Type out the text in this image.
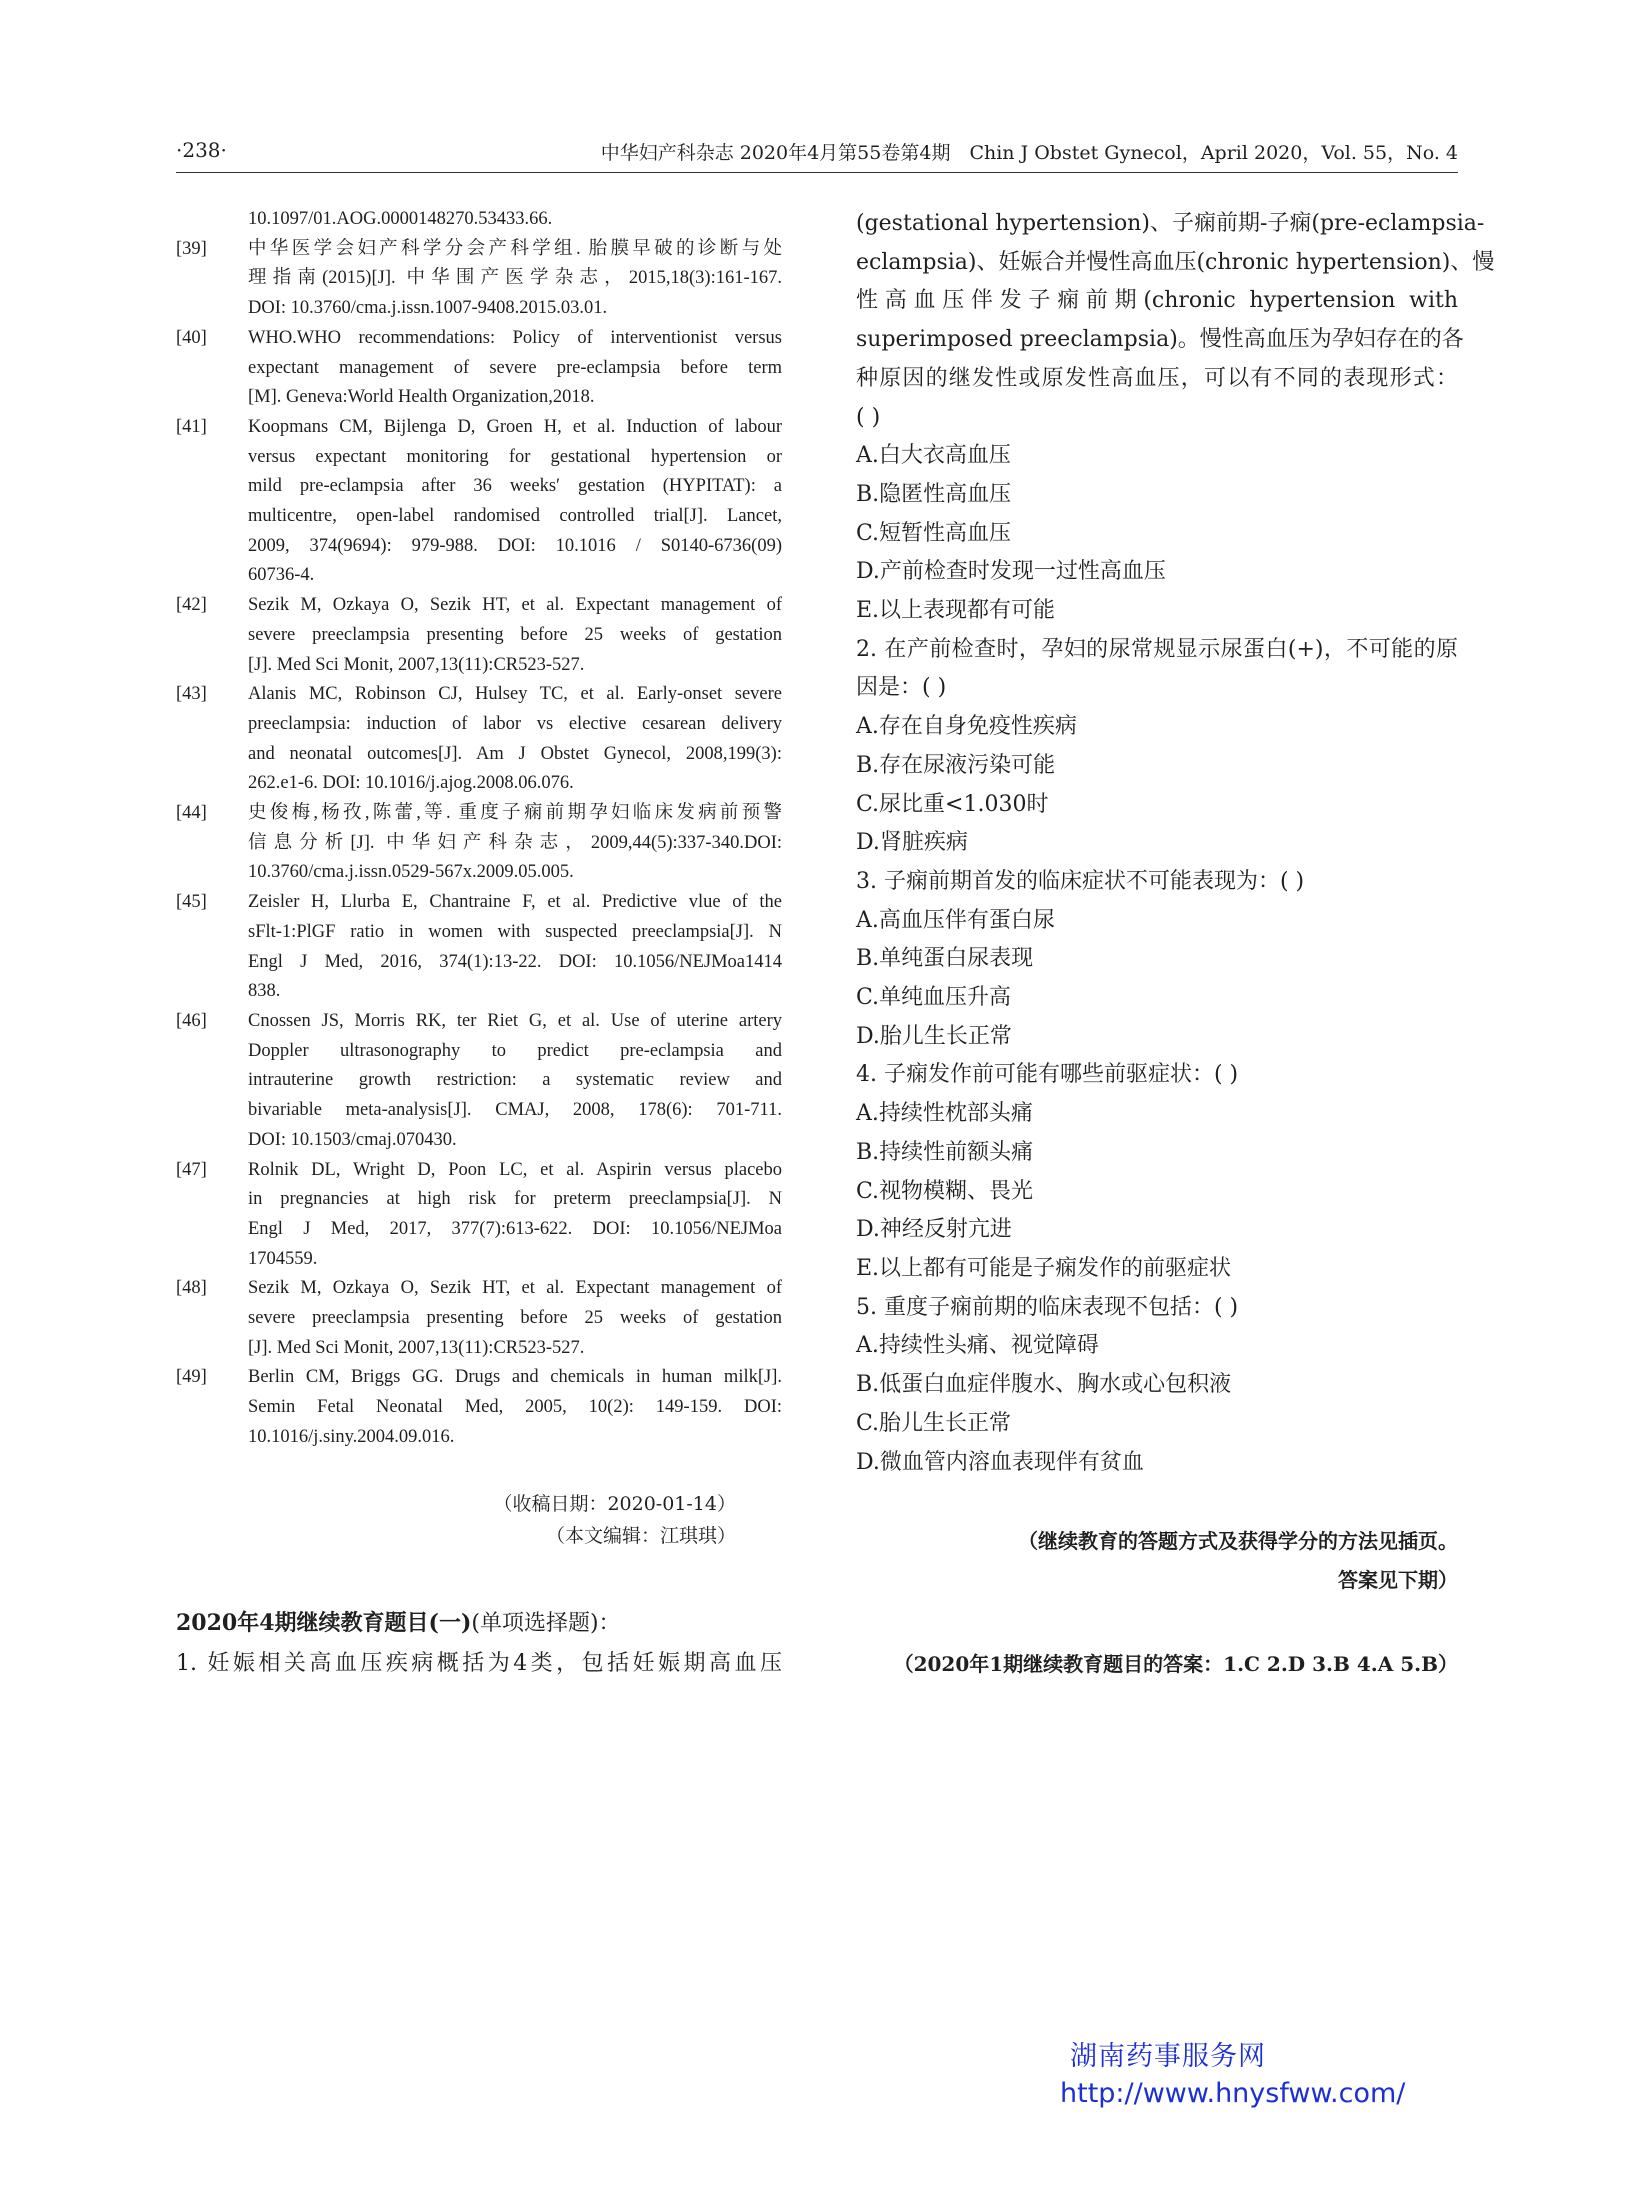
·238·	中华妇产科杂志 2020年4月第55卷第4期　Chin J Obstet Gynecol，April 2020，Vol. 55，No. 4
10.1097/01.AOG.0000148270.53433.66.
[39]	中华医学会妇产科学分会产科学组. 胎膜早破的诊断与处
理指南(2015)[J]. 中华围产医学杂志，2015,18(3):161-167.
DOI: 10.3760/cma.j.issn.1007-9408.2015.03.01.
[40]	WHO.WHO recommendations: Policy of interventionist versus
expectant management of severe pre-eclampsia before term
[M]. Geneva:World Health Organization,2018.
[41]	Koopmans CM, Bijlenga D, Groen H, et al. Induction of labour
versus expectant monitoring for gestational hypertension or
mild pre-eclampsia after 36 weeks′ gestation (HYPITAT): a
multicentre, open-label randomised controlled trial[J]. Lancet,
2009, 374(9694): 979-988. DOI: 10.1016 / S0140-6736(09)
60736-4.
[42]	Sezik M, Ozkaya O, Sezik HT, et al. Expectant management of
severe preeclampsia presenting before 25 weeks of gestation
[J]. Med Sci Monit, 2007,13(11):CR523-527.
[43]	Alanis MC, Robinson CJ, Hulsey TC, et al. Early-onset severe
preeclampsia: induction of labor vs elective cesarean delivery
and neonatal outcomes[J]. Am J Obstet Gynecol, 2008,199(3):
262.e1-6. DOI: 10.1016/j.ajog.2008.06.076.
[44]	史俊梅,杨孜,陈蕾,等. 重度子痫前期孕妇临床发病前预警
信息分析[J]. 中华妇产科杂志，2009,44(5):337-340.DOI:
10.3760/cma.j.issn.0529-567x.2009.05.005.
[45]	Zeisler H, Llurba E, Chantraine F, et al. Predictive vlue of the
sFlt-1:PlGF ratio in women with suspected preeclampsia[J]. N
Engl J Med, 2016, 374(1):13-22. DOI: 10.1056/NEJMoa1414
838.
[46]	Cnossen JS, Morris RK, ter Riet G, et al. Use of uterine artery
Doppler ultrasonography to predict pre-eclampsia and
intrauterine growth restriction: a systematic review and
bivariable meta-analysis[J]. CMAJ, 2008, 178(6): 701-711.
DOI: 10.1503/cmaj.070430.
[47]	Rolnik DL, Wright D, Poon LC, et al. Aspirin versus placebo
in pregnancies at high risk for preterm preeclampsia[J]. N
Engl J Med, 2017, 377(7):613-622. DOI: 10.1056/NEJMoa
1704559.
[48]	Sezik M, Ozkaya O, Sezik HT, et al. Expectant management of
severe preeclampsia presenting before 25 weeks of gestation
[J]. Med Sci Monit, 2007,13(11):CR523-527.
[49]	Berlin CM, Briggs GG. Drugs and chemicals in human milk[J].
Semin Fetal Neonatal Med, 2005, 10(2): 149-159. DOI:
10.1016/j.siny.2004.09.016.
（收稿日期：2020-01-14）
（本文编辑：江琪琪）
2020年4期继续教育题目(一)(单项选择题)：
1. 妊娠相关高血压疾病概括为4类，包括妊娠期高血压
(gestational hypertension)、子痫前期-子痫(pre-eclampsia-
eclampsia)、妊娠合并慢性高血压(chronic hypertension)、慢
性高血压伴发子痫前期(chronic hypertension with
superimposed preeclampsia)。慢性高血压为孕妇存在的各
种原因的继发性或原发性高血压，可以有不同的表现形式：
( )
A.白大衣高血压
B.隐匿性高血压
C.短暂性高血压
D.产前检查时发现一过性高血压
E.以上表现都有可能
2. 在产前检查时，孕妇的尿常规显示尿蛋白(+)，不可能的原
因是：( )
A.存在自身免疫性疾病
B.存在尿液污染可能
C.尿比重<1.030时
D.肾脏疾病
3. 子痫前期首发的临床症状不可能表现为：( )
A.高血压伴有蛋白尿
B.单纯蛋白尿表现
C.单纯血压升高
D.胎儿生长正常
4. 子痫发作前可能有哪些前驱症状：( )
A.持续性枕部头痛
B.持续性前额头痛
C.视物模糊、畏光
D.神经反射亢进
E.以上都有可能是子痫发作的前驱症状
5. 重度子痫前期的临床表现不包括：( )
A.持续性头痛、视觉障碍
B.低蛋白血症伴腹水、胸水或心包积液
C.胎儿生长正常
D.微血管内溶血表现伴有贫血
（继续教育的答题方式及获得学分的方法见插页。
答案见下期）
（2020年1期继续教育题目的答案：1.C 2.D 3.B 4.A 5.B）
湖南药事服务网
http://www.hnysfww.com/
